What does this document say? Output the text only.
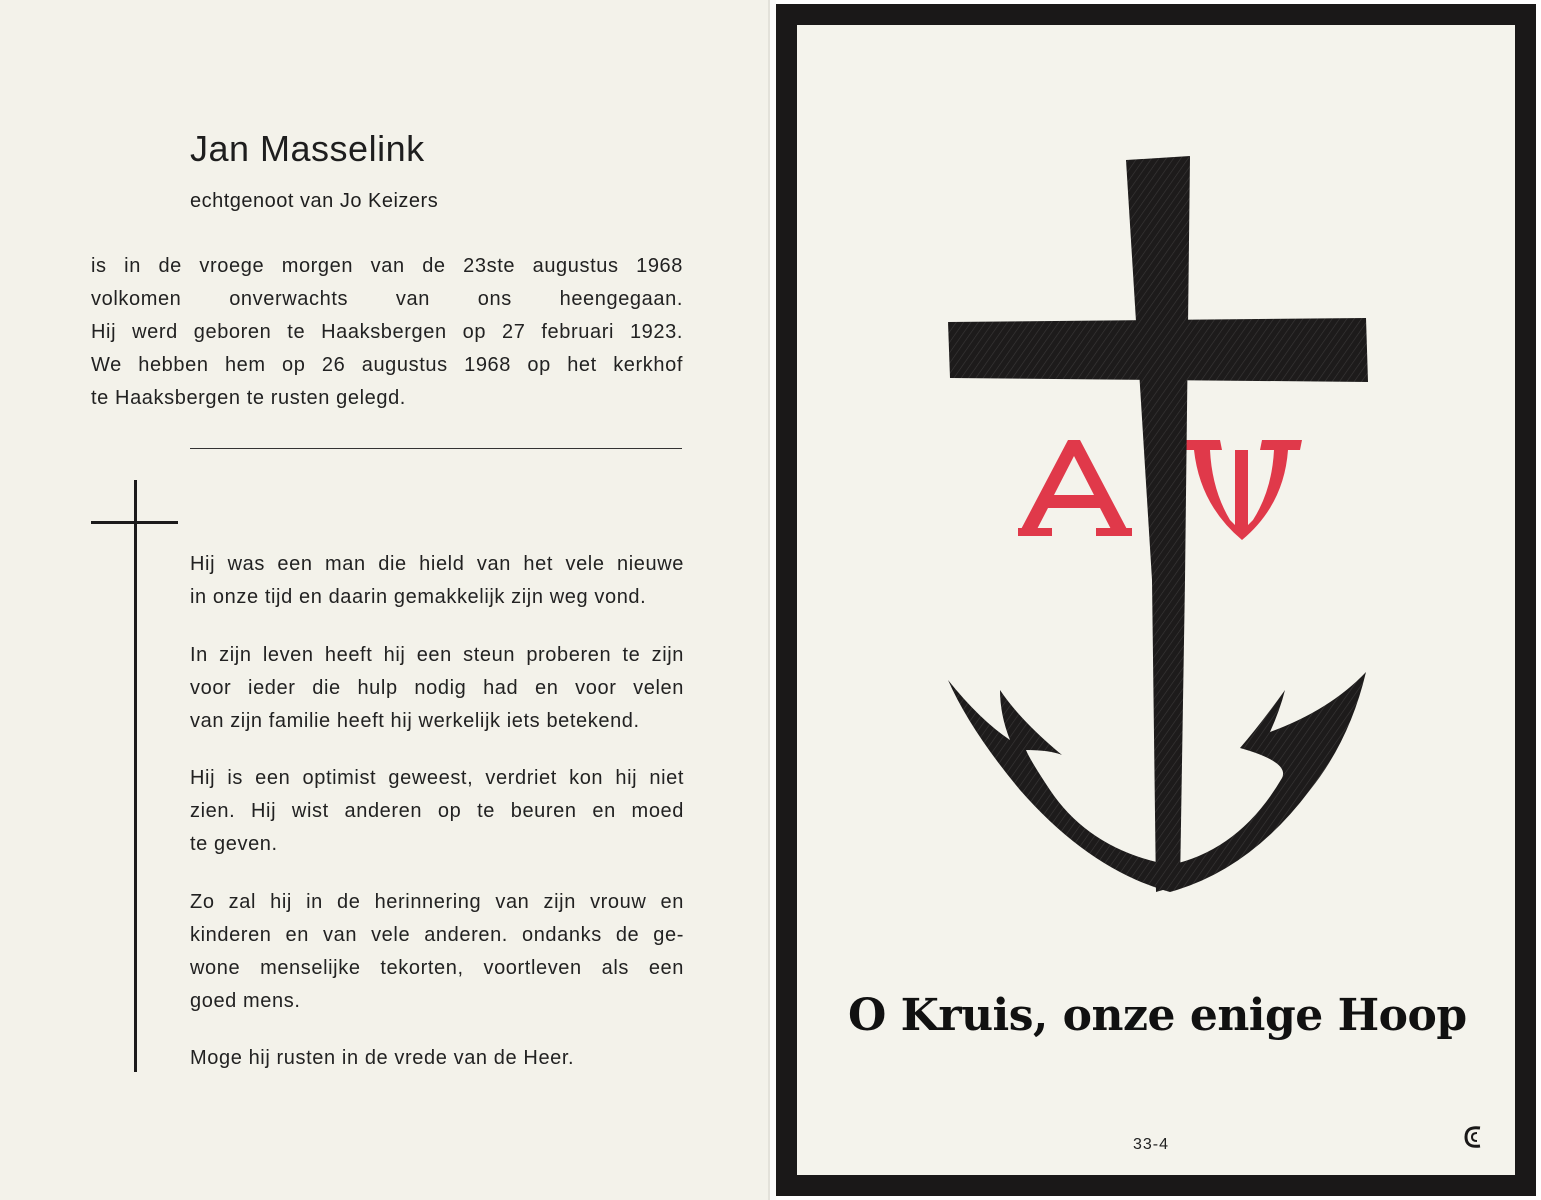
Jan Masselink
echtgenoot van Jo Keizers
is in de vroege morgen van de 23ste augustus 1968
volkomen onverwachts van ons heengegaan.
Hij werd geboren te Haaksbergen op 27 februari 1923.
We hebben hem op 26 augustus 1968 op het kerkhof
te Haaksbergen te rusten gelegd.
Hij was een man die hield van het vele nieuwe
in onze tijd en daarin gemakkelijk zijn weg vond.
In zijn leven heeft hij een steun proberen te zijn
voor ieder die hulp nodig had en voor velen
van zijn familie heeft hij werkelijk iets betekend.
Hij is een optimist geweest, verdriet kon hij niet
zien. Hij wist anderen op te beuren en moed
te geven.
Zo zal hij in de herinnering van zijn vrouw en
kinderen en van vele anderen. ondanks de ge-
wone menselijke tekorten, voortleven als een
goed mens.
Moge hij rusten in de vrede van de Heer.
O Kruis, onze enige Hoop
33-4
